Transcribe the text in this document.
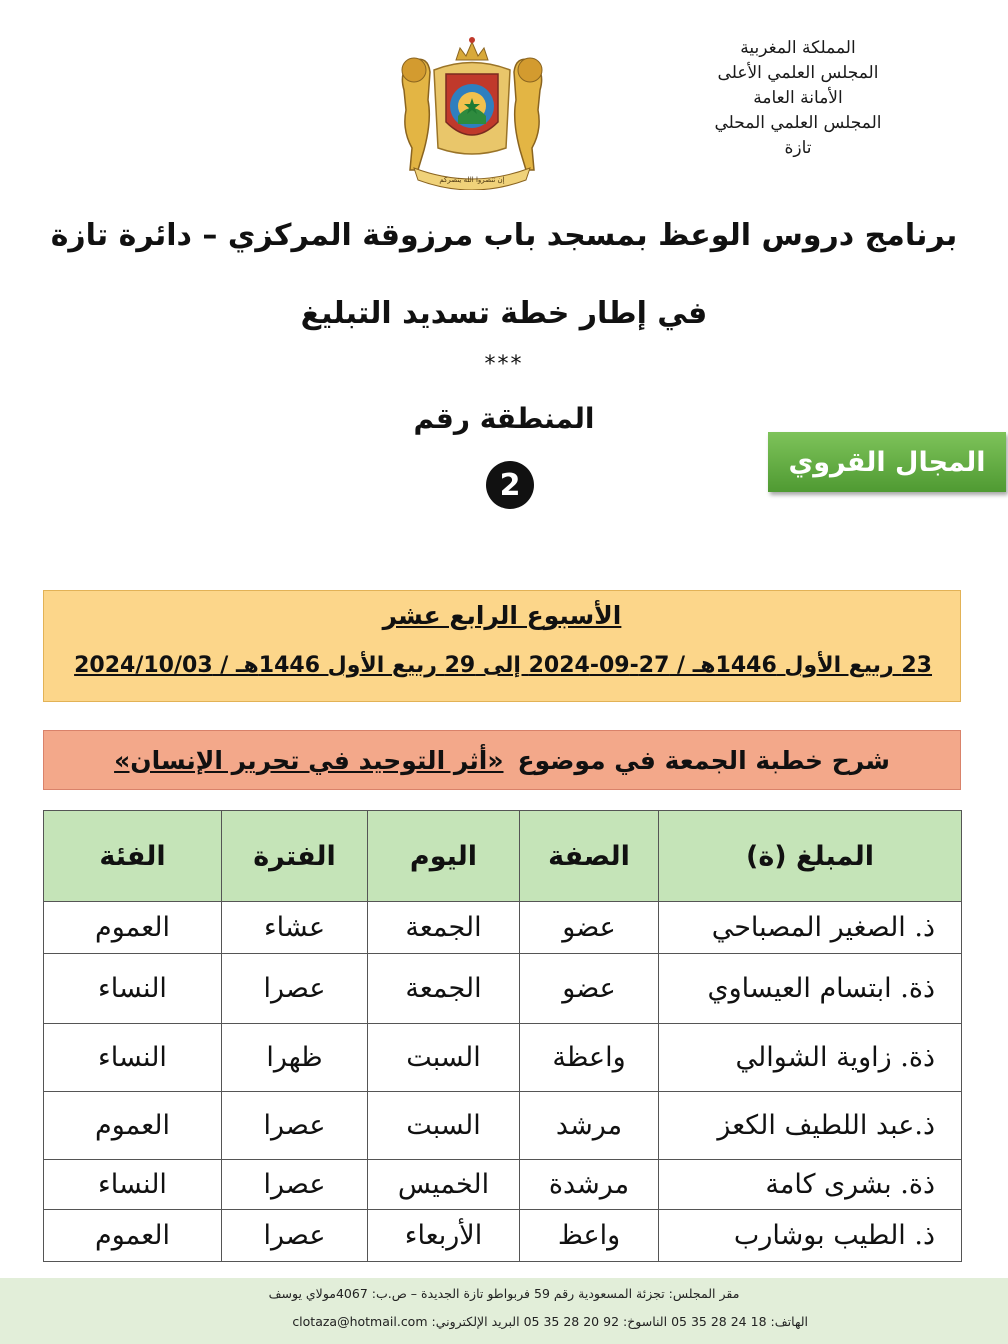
المملكة المغربية
المجلس العلمي الأعلى
الأمانة العامة
المجلس العلمي المحلي
تازة
إن تنصروا الله ينصركم
برنامج دروس الوعظ بمسجد باب مرزوقة المركزي – دائرة تازة
في إطار خطة تسديد التبليغ
***
المنطقة رقم
2
المجال القروي
الأسبوع الرابع عشر
23 ربيع الأول 1446هـ / 27-09-2024 إلى 29 ربيع الأول 1446هـ / 2024/10/03
شرح خطبة الجمعة في موضوع
«أثر التوحيد في تحرير الإنسان»
المبلغ (ة)	الصفة	اليوم	الفترة	الفئة
ذ. الصغير المصباحي	عضو	الجمعة	عشاء	العموم
ذة. ابتسام العيساوي	عضو	الجمعة	عصرا	النساء
ذة. زاوية الشوالي	واعظة	السبت	ظهرا	النساء
ذ.عبد اللطيف الكعز	مرشد	السبت	عصرا	العموم
ذة. بشرى كامة	مرشدة	الخميس	عصرا	النساء
ذ. الطيب بوشارب	واعظ	الأربعاء	عصرا	العموم
مقر المجلس: تجزئة المسعودية رقم 59 فربواطو تازة الجديدة – ص.ب: 4067مولاي يوسف
الهاتف: 18 24 28 35 05 الناسوخ: 92 20 28 35 05 البريد الإلكتروني: clotaza@hotmail.com
